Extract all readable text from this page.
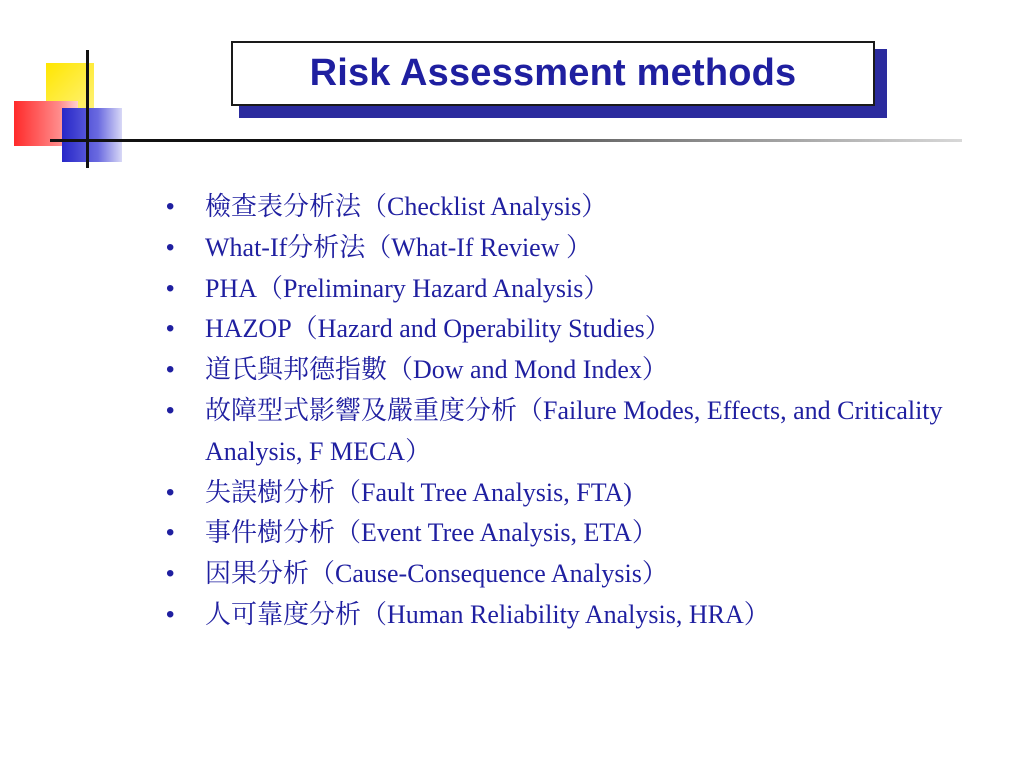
Risk Assessment methods
• 檢查表分析法（Checklist Analysis）
• What-If分析法（What-If Review ）
• PHA（Preliminary Hazard Analysis）
• HAZOP（Hazard and Operability Studies）
• 道氏與邦德指數（Dow and Mond Index）
• 故障型式影響及嚴重度分析（Failure Modes, Effects, and Criticality Analysis, F MECA）
• 失誤樹分析（Fault Tree Analysis, FTA)
• 事件樹分析（Event Tree Analysis, ETA）
• 因果分析（Cause-Consequence Analysis）
• 人可靠度分析（Human Reliability Analysis, HRA）
